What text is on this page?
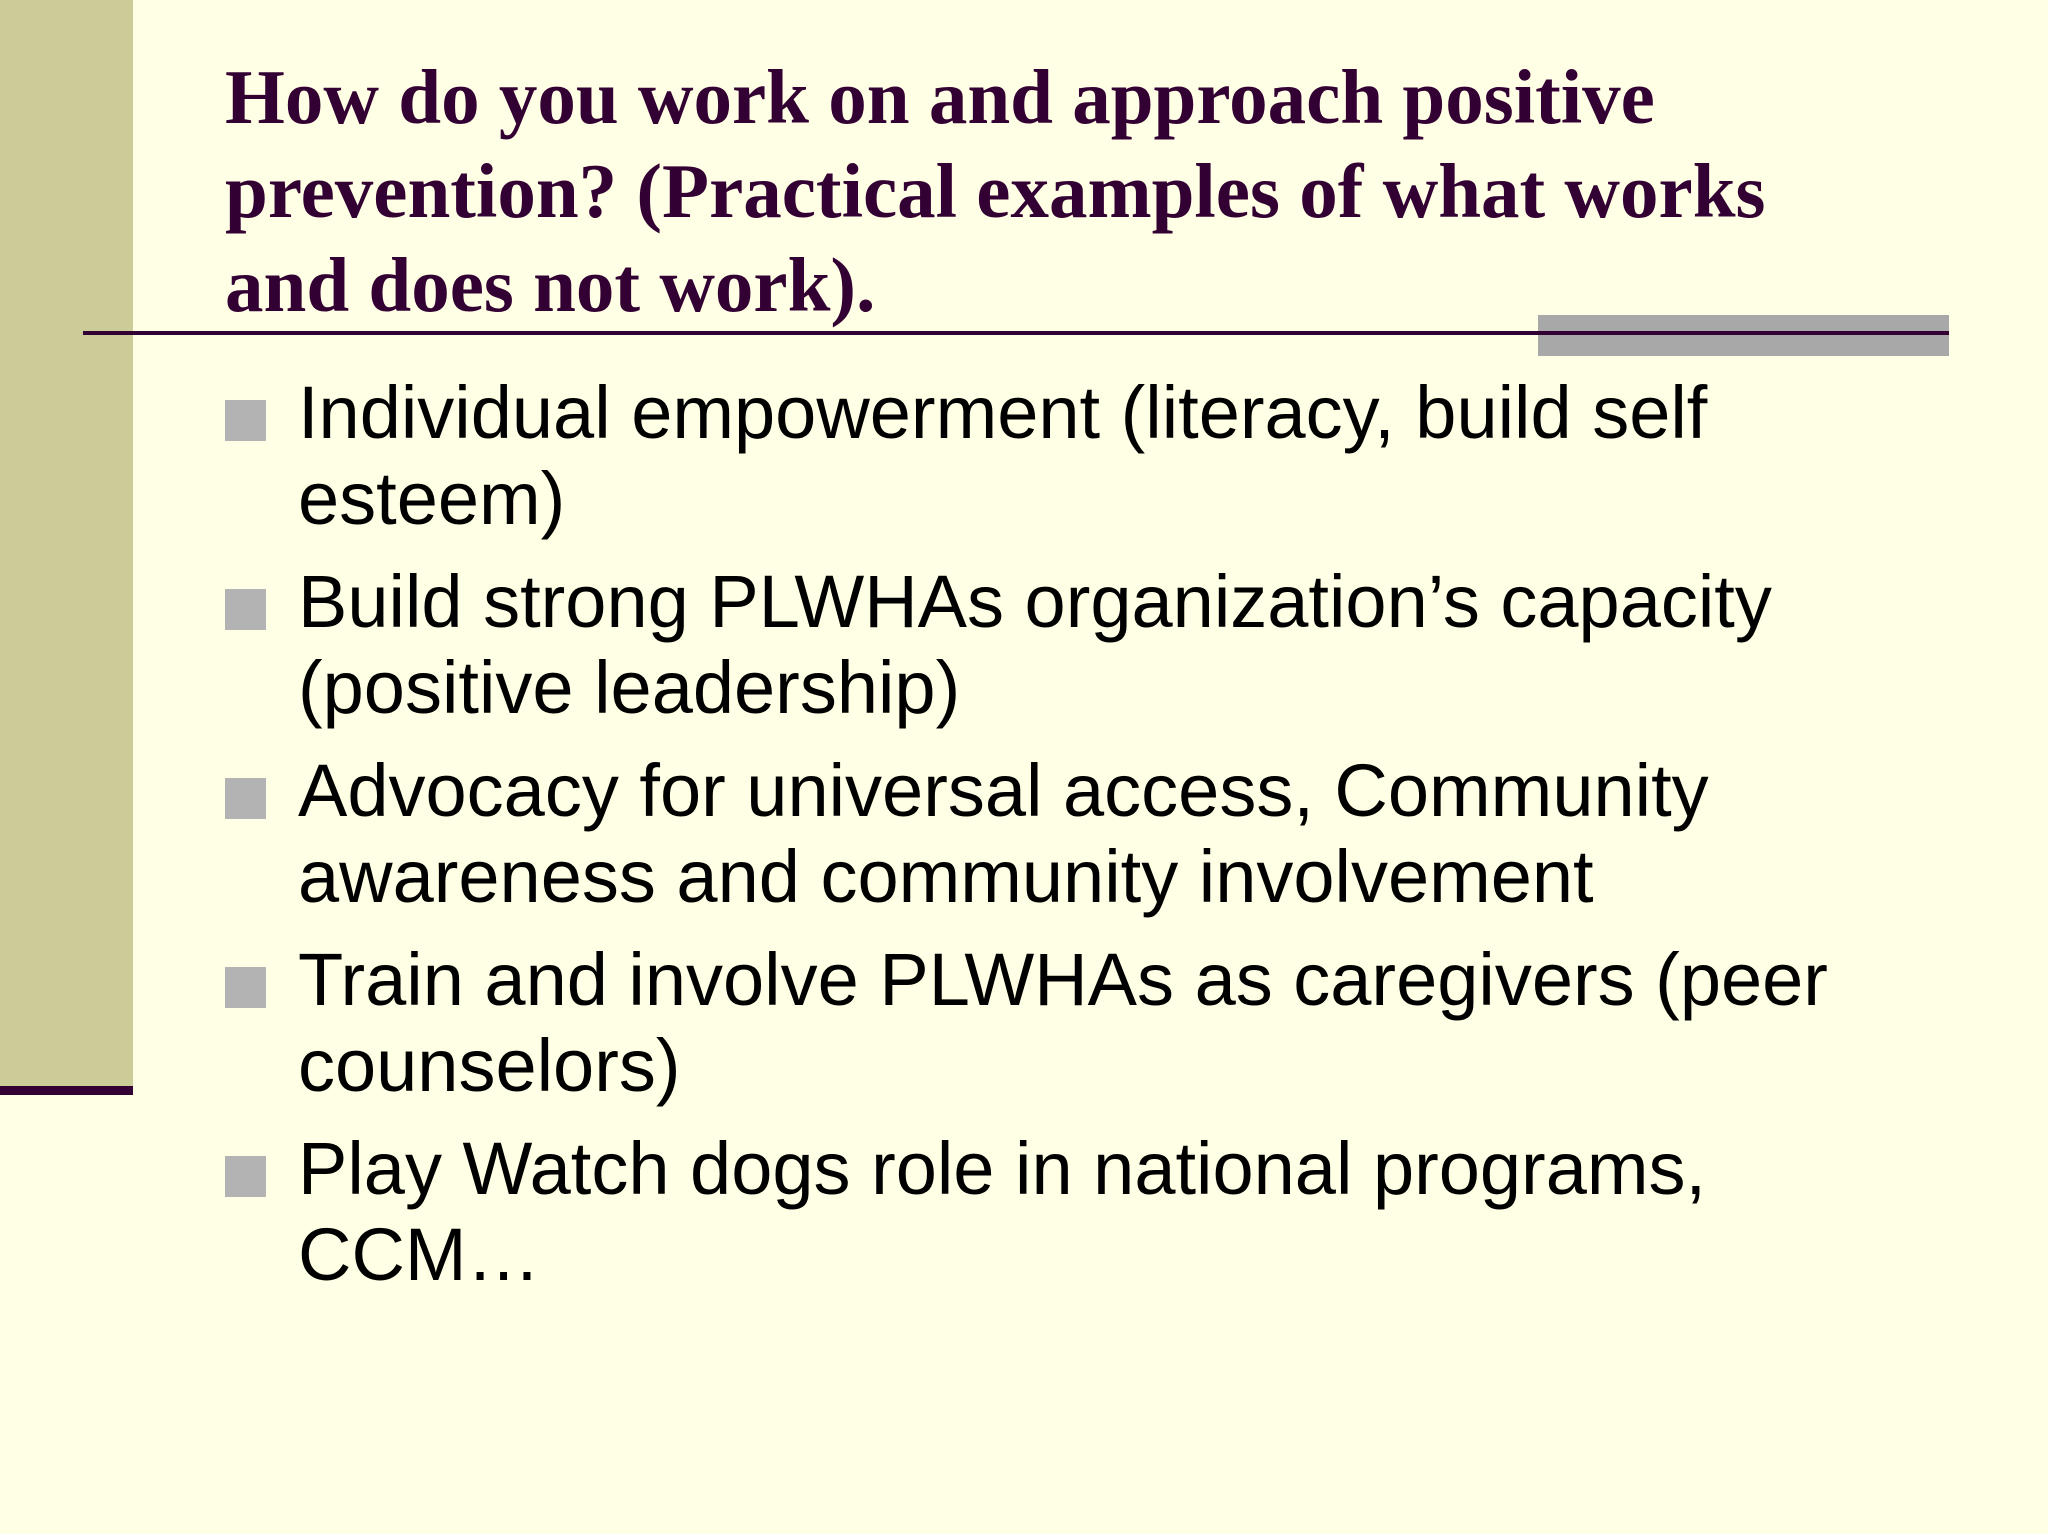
How do you work on and approach positive prevention? (Practical examples of what works and does not work).
Individual empowerment (literacy, build self esteem)
Build strong PLWHAs organization’s capacity (positive leadership)
Advocacy for universal access, Community awareness and community involvement
Train and involve PLWHAs as caregivers (peer counselors)
Play Watch dogs role in national programs, CCM…
